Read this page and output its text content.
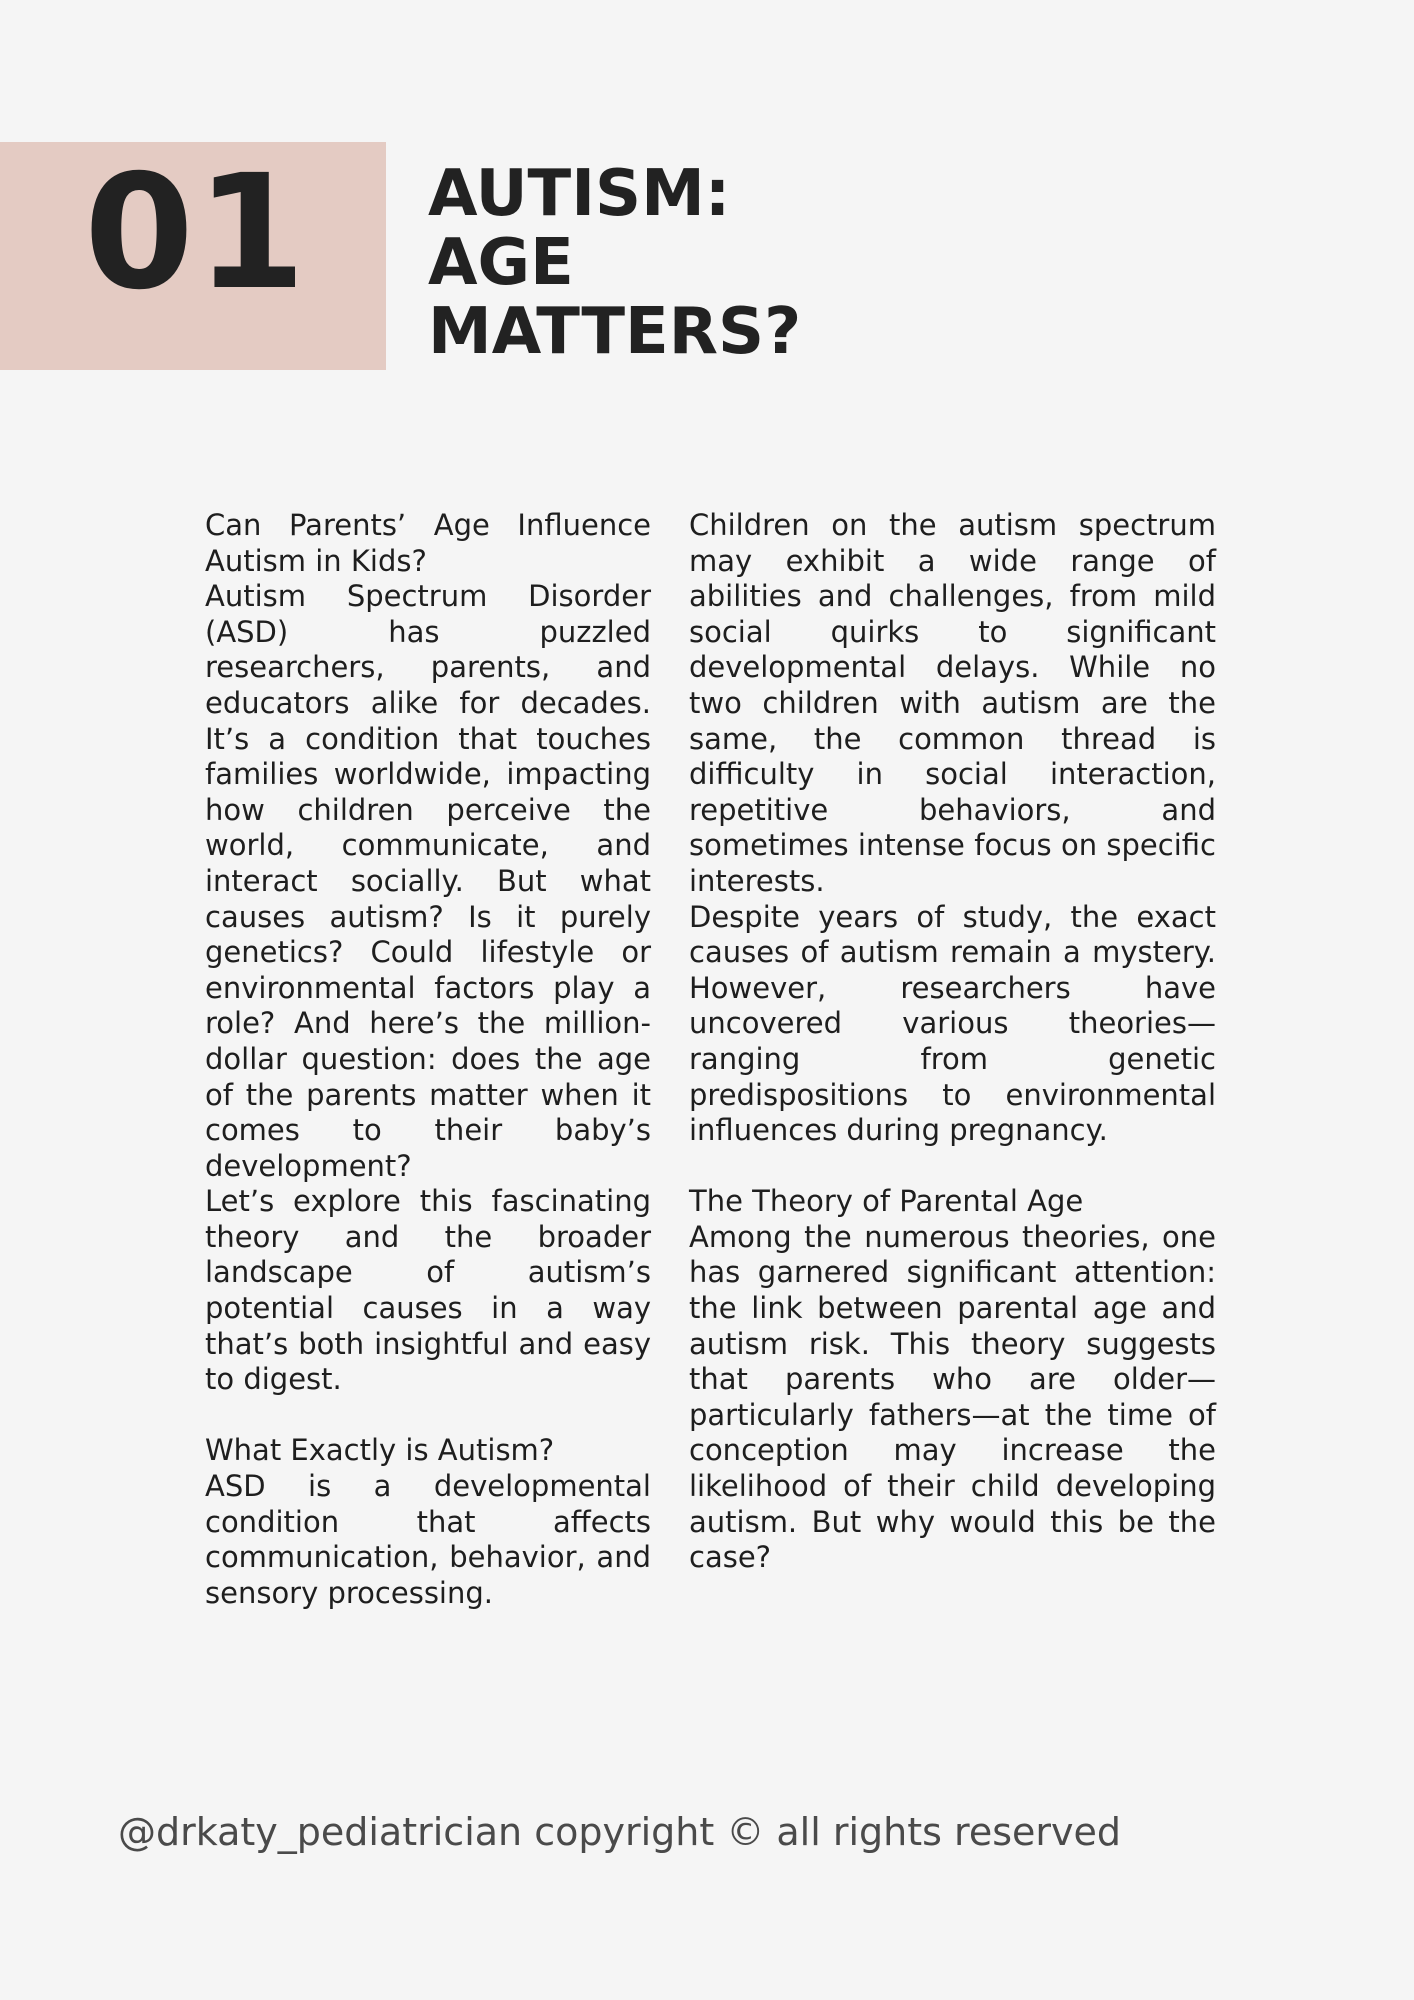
01 AUTISM:
AGE
MATTERS?

Can Parents’ Age Influence Autism in Kids?

Autism Spectrum Disorder (ASD) has puzzled researchers, parents, and educators alike for decades. It’s a condition that touches families worldwide, impacting how children perceive the world, communicate, and interact socially. But what causes autism? Is it purely genetics? Could lifestyle or environmental factors play a role? And here’s the million-dollar question: does the age of the parents matter when it comes to their baby’s development?

Let’s explore this fascinating theory and the broader landscape of autism’s potential causes in a way that’s both insightful and easy to digest.

What Exactly is Autism?

ASD is a developmental condition that affects communication, behavior, and sensory processing.

Children on the autism spectrum may exhibit a wide range of abilities and challenges, from mild social quirks to significant developmental delays. While no two children with autism are the same, the common thread is difficulty in social interaction, repetitive behaviors, and sometimes intense focus on specific interests.

Despite years of study, the exact causes of autism remain a mystery. However, researchers have uncovered various theories—ranging from genetic predispositions to environmental influences during pregnancy.

The Theory of Parental Age

Among the numerous theories, one has garnered significant attention: the link between parental age and autism risk. This theory suggests that parents who are older—particularly fathers—at the time of conception may increase the likelihood of their child developing autism. But why would this be the case?

@drkaty_pediatrician copyright © all rights reserved
